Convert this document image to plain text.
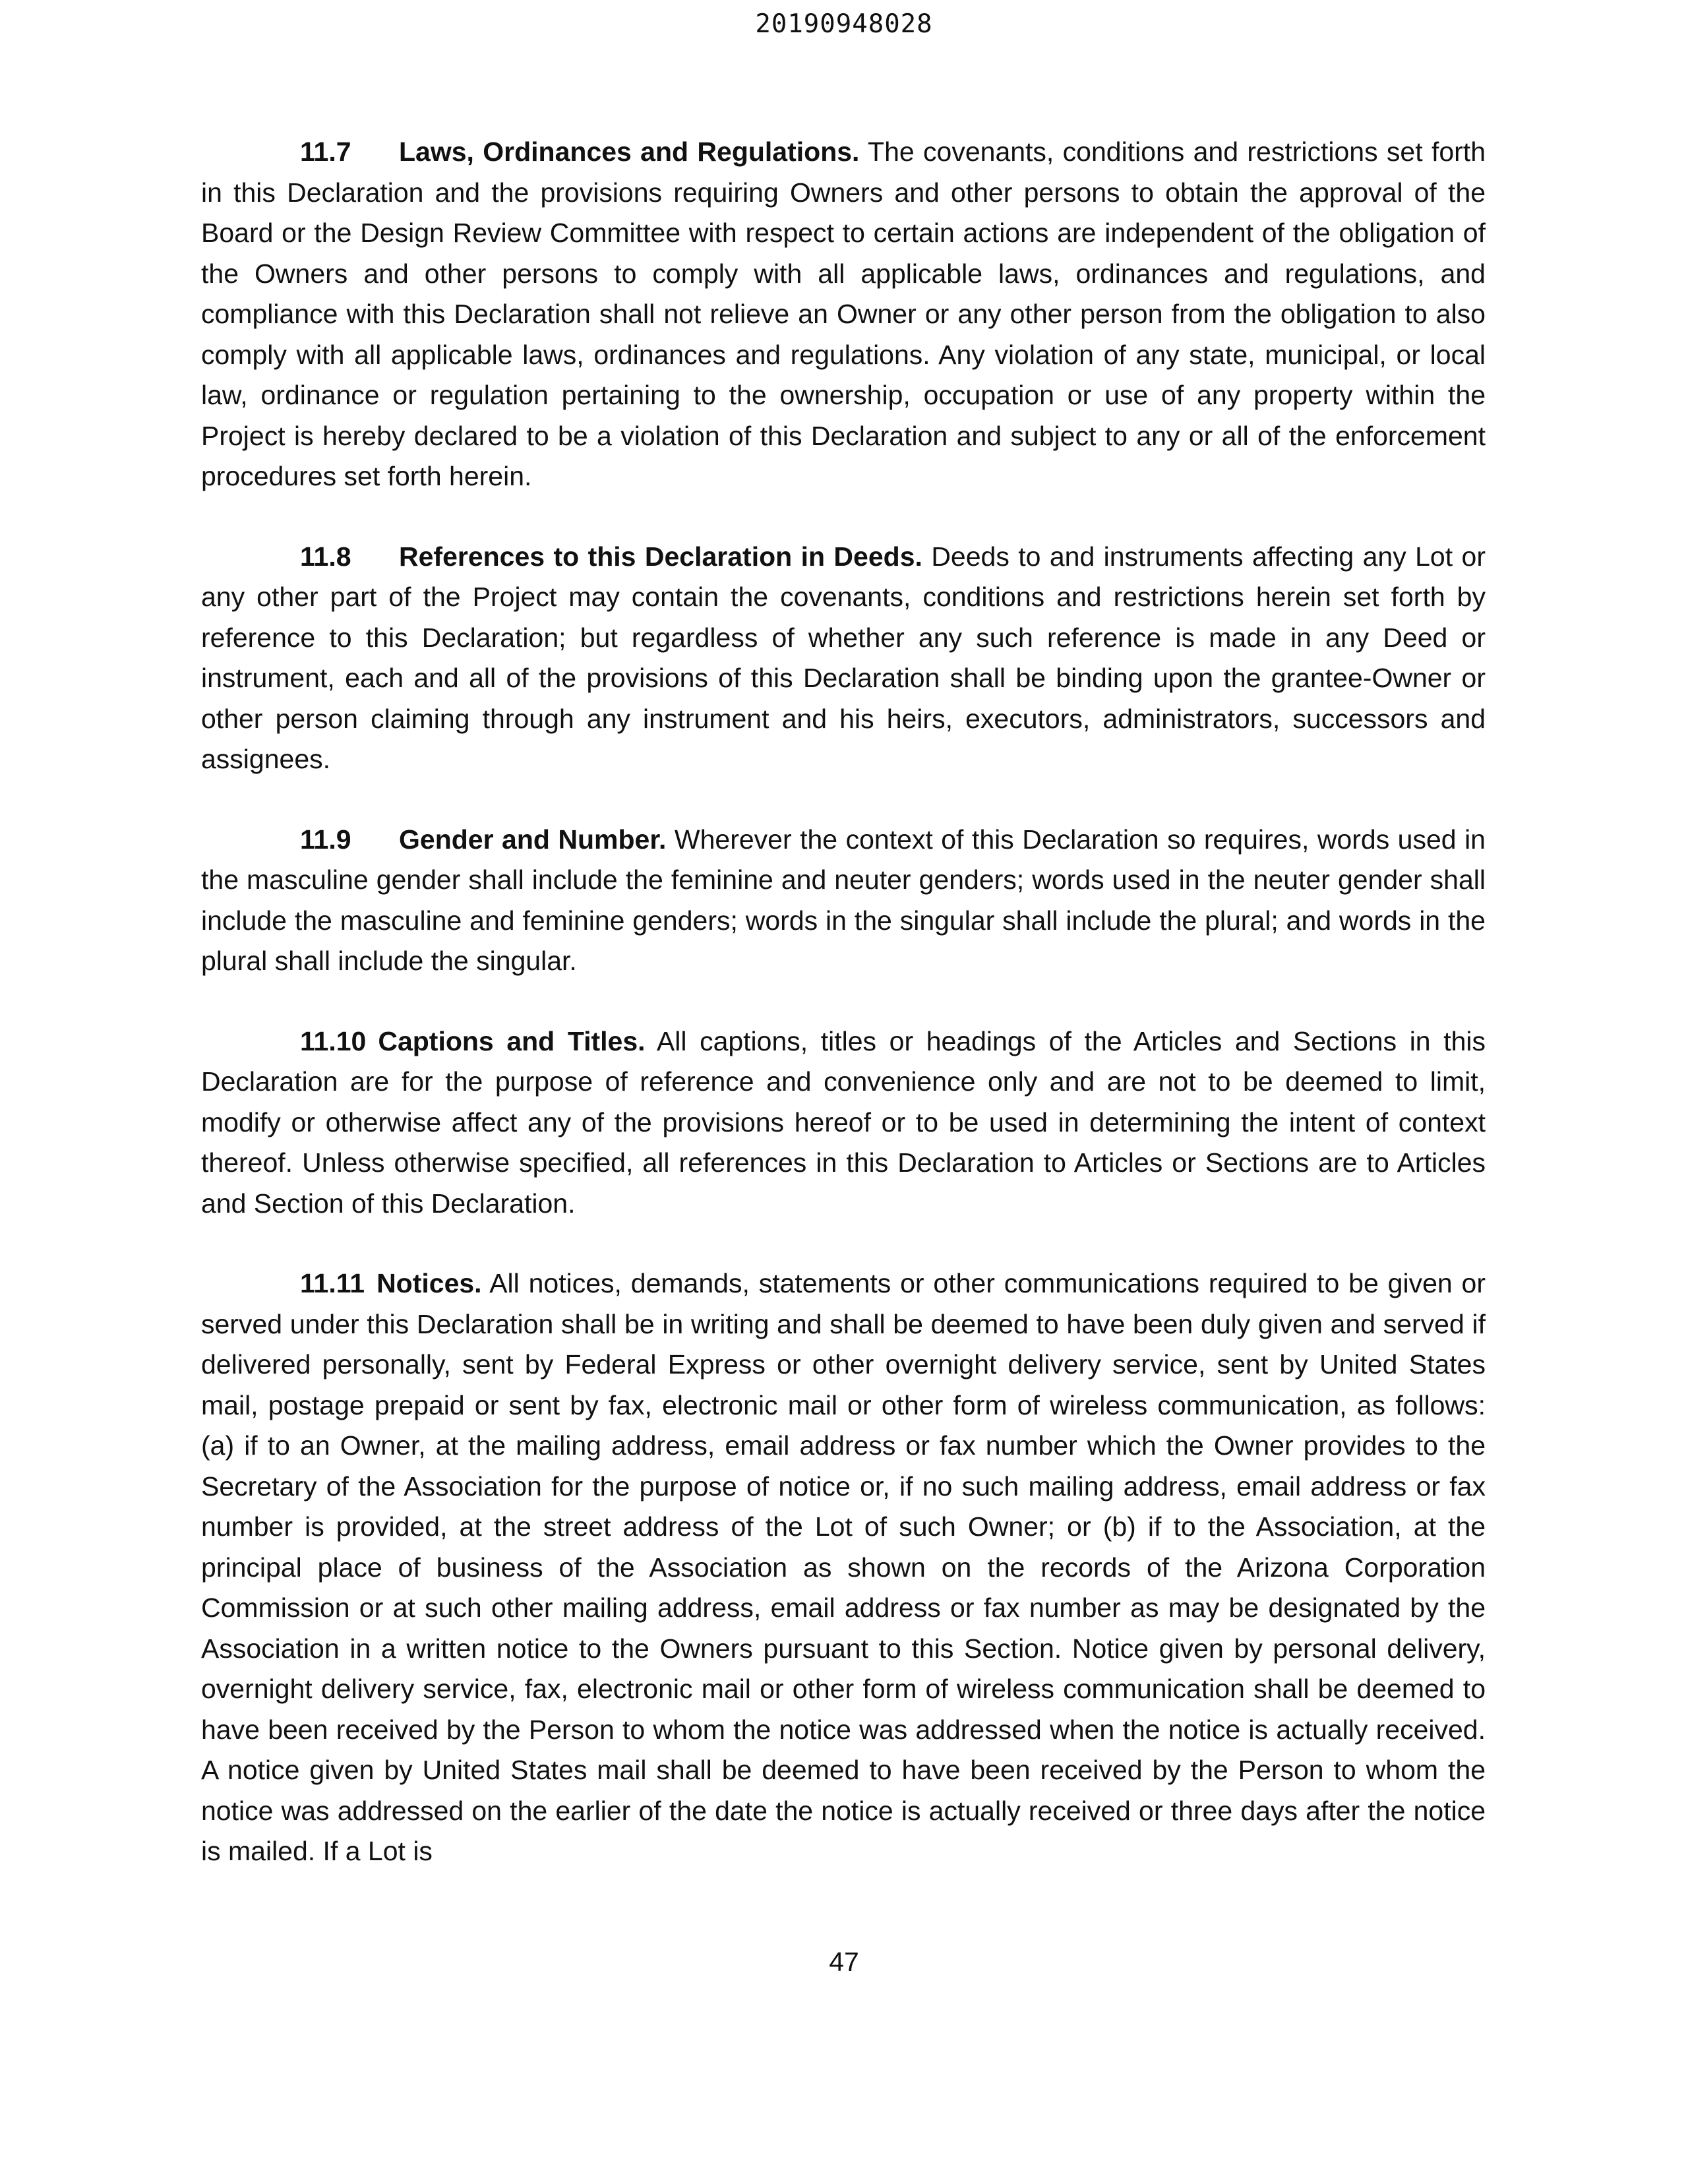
20190948028

11.7 Laws, Ordinances and Regulations. The covenants, conditions and restrictions set forth in this Declaration and the provisions requiring Owners and other persons to obtain the approval of the Board or the Design Review Committee with respect to certain actions are independent of the obligation of the Owners and other persons to comply with all applicable laws, ordinances and regulations, and compliance with this Declaration shall not relieve an Owner or any other person from the obligation to also comply with all applicable laws, ordinances and regulations. Any violation of any state, municipal, or local law, ordinance or regulation pertaining to the ownership, occupation or use of any property within the Project is hereby declared to be a violation of this Declaration and subject to any or all of the enforcement procedures set forth herein.

11.8 References to this Declaration in Deeds. Deeds to and instruments affecting any Lot or any other part of the Project may contain the covenants, conditions and restrictions herein set forth by reference to this Declaration; but regardless of whether any such reference is made in any Deed or instrument, each and all of the provisions of this Declaration shall be binding upon the grantee-Owner or other person claiming through any instrument and his heirs, executors, administrators, successors and assignees.

11.9 Gender and Number. Wherever the context of this Declaration so requires, words used in the masculine gender shall include the feminine and neuter genders; words used in the neuter gender shall include the masculine and feminine genders; words in the singular shall include the plural; and words in the plural shall include the singular.

11.10 Captions and Titles. All captions, titles or headings of the Articles and Sections in this Declaration are for the purpose of reference and convenience only and are not to be deemed to limit, modify or otherwise affect any of the provisions hereof or to be used in determining the intent of context thereof. Unless otherwise specified, all references in this Declaration to Articles or Sections are to Articles and Section of this Declaration.

11.11 Notices. All notices, demands, statements or other communications required to be given or served under this Declaration shall be in writing and shall be deemed to have been duly given and served if delivered personally, sent by Federal Express or other overnight delivery service, sent by United States mail, postage prepaid or sent by fax, electronic mail or other form of wireless communication, as follows: (a) if to an Owner, at the mailing address, email address or fax number which the Owner provides to the Secretary of the Association for the purpose of notice or, if no such mailing address, email address or fax number is provided, at the street address of the Lot of such Owner; or (b) if to the Association, at the principal place of business of the Association as shown on the records of the Arizona Corporation Commission or at such other mailing address, email address or fax number as may be designated by the Association in a written notice to the Owners pursuant to this Section. Notice given by personal delivery, overnight delivery service, fax, electronic mail or other form of wireless communication shall be deemed to have been received by the Person to whom the notice was addressed when the notice is actually received. A notice given by United States mail shall be deemed to have been received by the Person to whom the notice was addressed on the earlier of the date the notice is actually received or three days after the notice is mailed. If a Lot is

47
